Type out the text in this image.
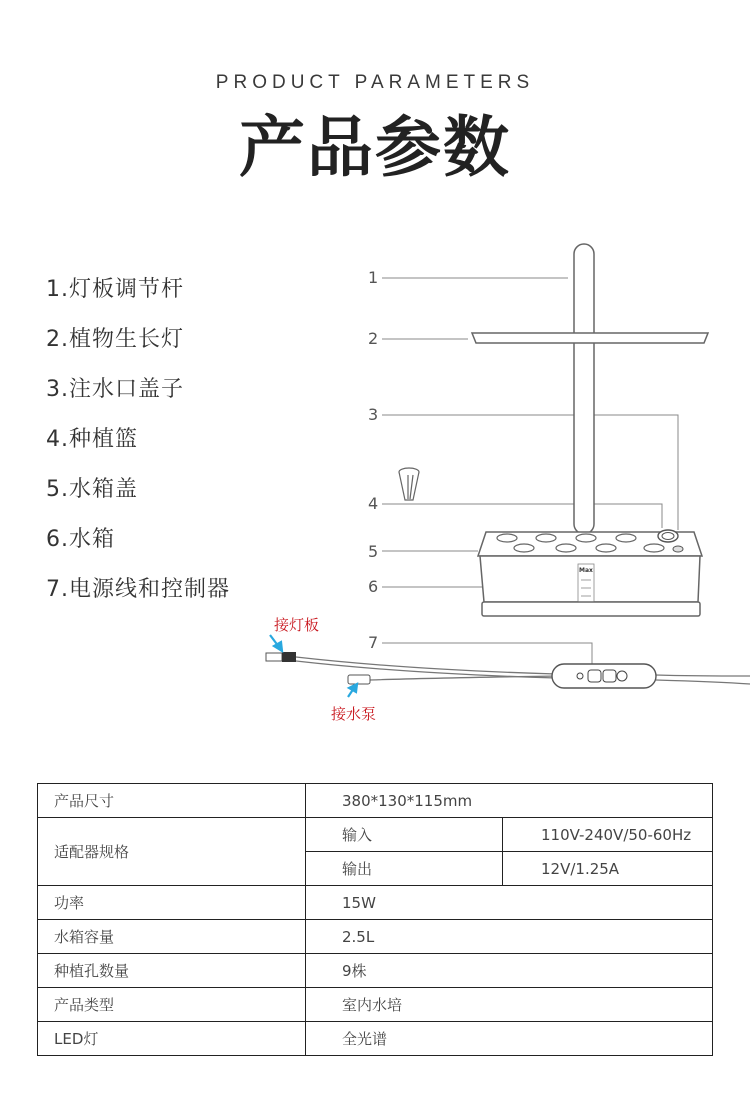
PRODUCT PARAMETERS
产品参数
1.灯板调节杆
2.植物生长灯
3.注水口盖子
4.种植篮
5.水箱盖
6.水箱
7.电源线和控制器
1
2
3
4
5
6
7
Max
接灯板
接水泵
产品尺寸	380*130*115mm	
适配器规格	输入	110V-240V/50-60Hz
	输出	12V/1.25A
功率	15W	
水箱容量	2.5L	
种植孔数量	9株	
产品类型	室内水培	
LED灯	全光谱	
